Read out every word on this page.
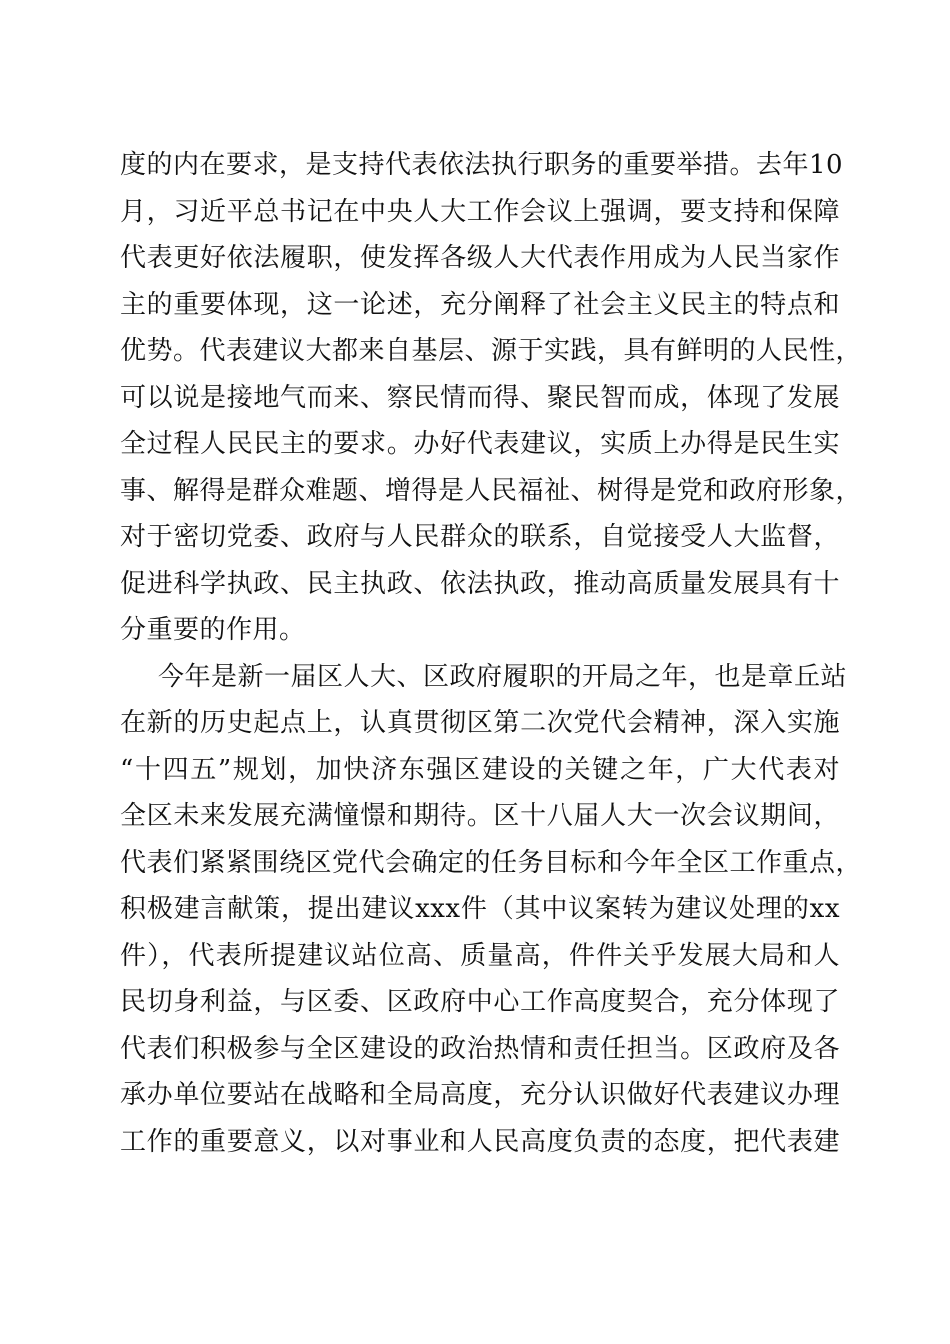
度的内在要求，是支持代表依法执行职务的重要举措。去年10
月，习近平总书记在中央人大工作会议上强调，要支持和保障
代表更好依法履职，使发挥各级人大代表作用成为人民当家作
主的重要体现，这一论述，充分阐释了社会主义民主的特点和
优势。代表建议大都来自基层、源于实践，具有鲜明的人民性，
可以说是接地气而来、察民情而得、聚民智而成，体现了发展
全过程人民民主的要求。办好代表建议，实质上办得是民生实
事、解得是群众难题、增得是人民福祉、树得是党和政府形象，
对于密切党委、政府与人民群众的联系，自觉接受人大监督，
促进科学执政、民主执政、依法执政，推动高质量发展具有十
分重要的作用。
今年是新一届区人大、区政府履职的开局之年，也是章丘站
在新的历史起点上，认真贯彻区第二次党代会精神，深入实施
“十四五”规划，加快济东强区建设的关键之年，广大代表对
全区未来发展充满憧憬和期待。区十八届人大一次会议期间，
代表们紧紧围绕区党代会确定的任务目标和今年全区工作重点，
积极建言献策，提出建议xxx件（其中议案转为建议处理的xx
件），代表所提建议站位高、质量高，件件关乎发展大局和人
民切身利益，与区委、区政府中心工作高度契合，充分体现了
代表们积极参与全区建设的政治热情和责任担当。区政府及各
承办单位要站在战略和全局高度，充分认识做好代表建议办理
工作的重要意义，以对事业和人民高度负责的态度，把代表建
